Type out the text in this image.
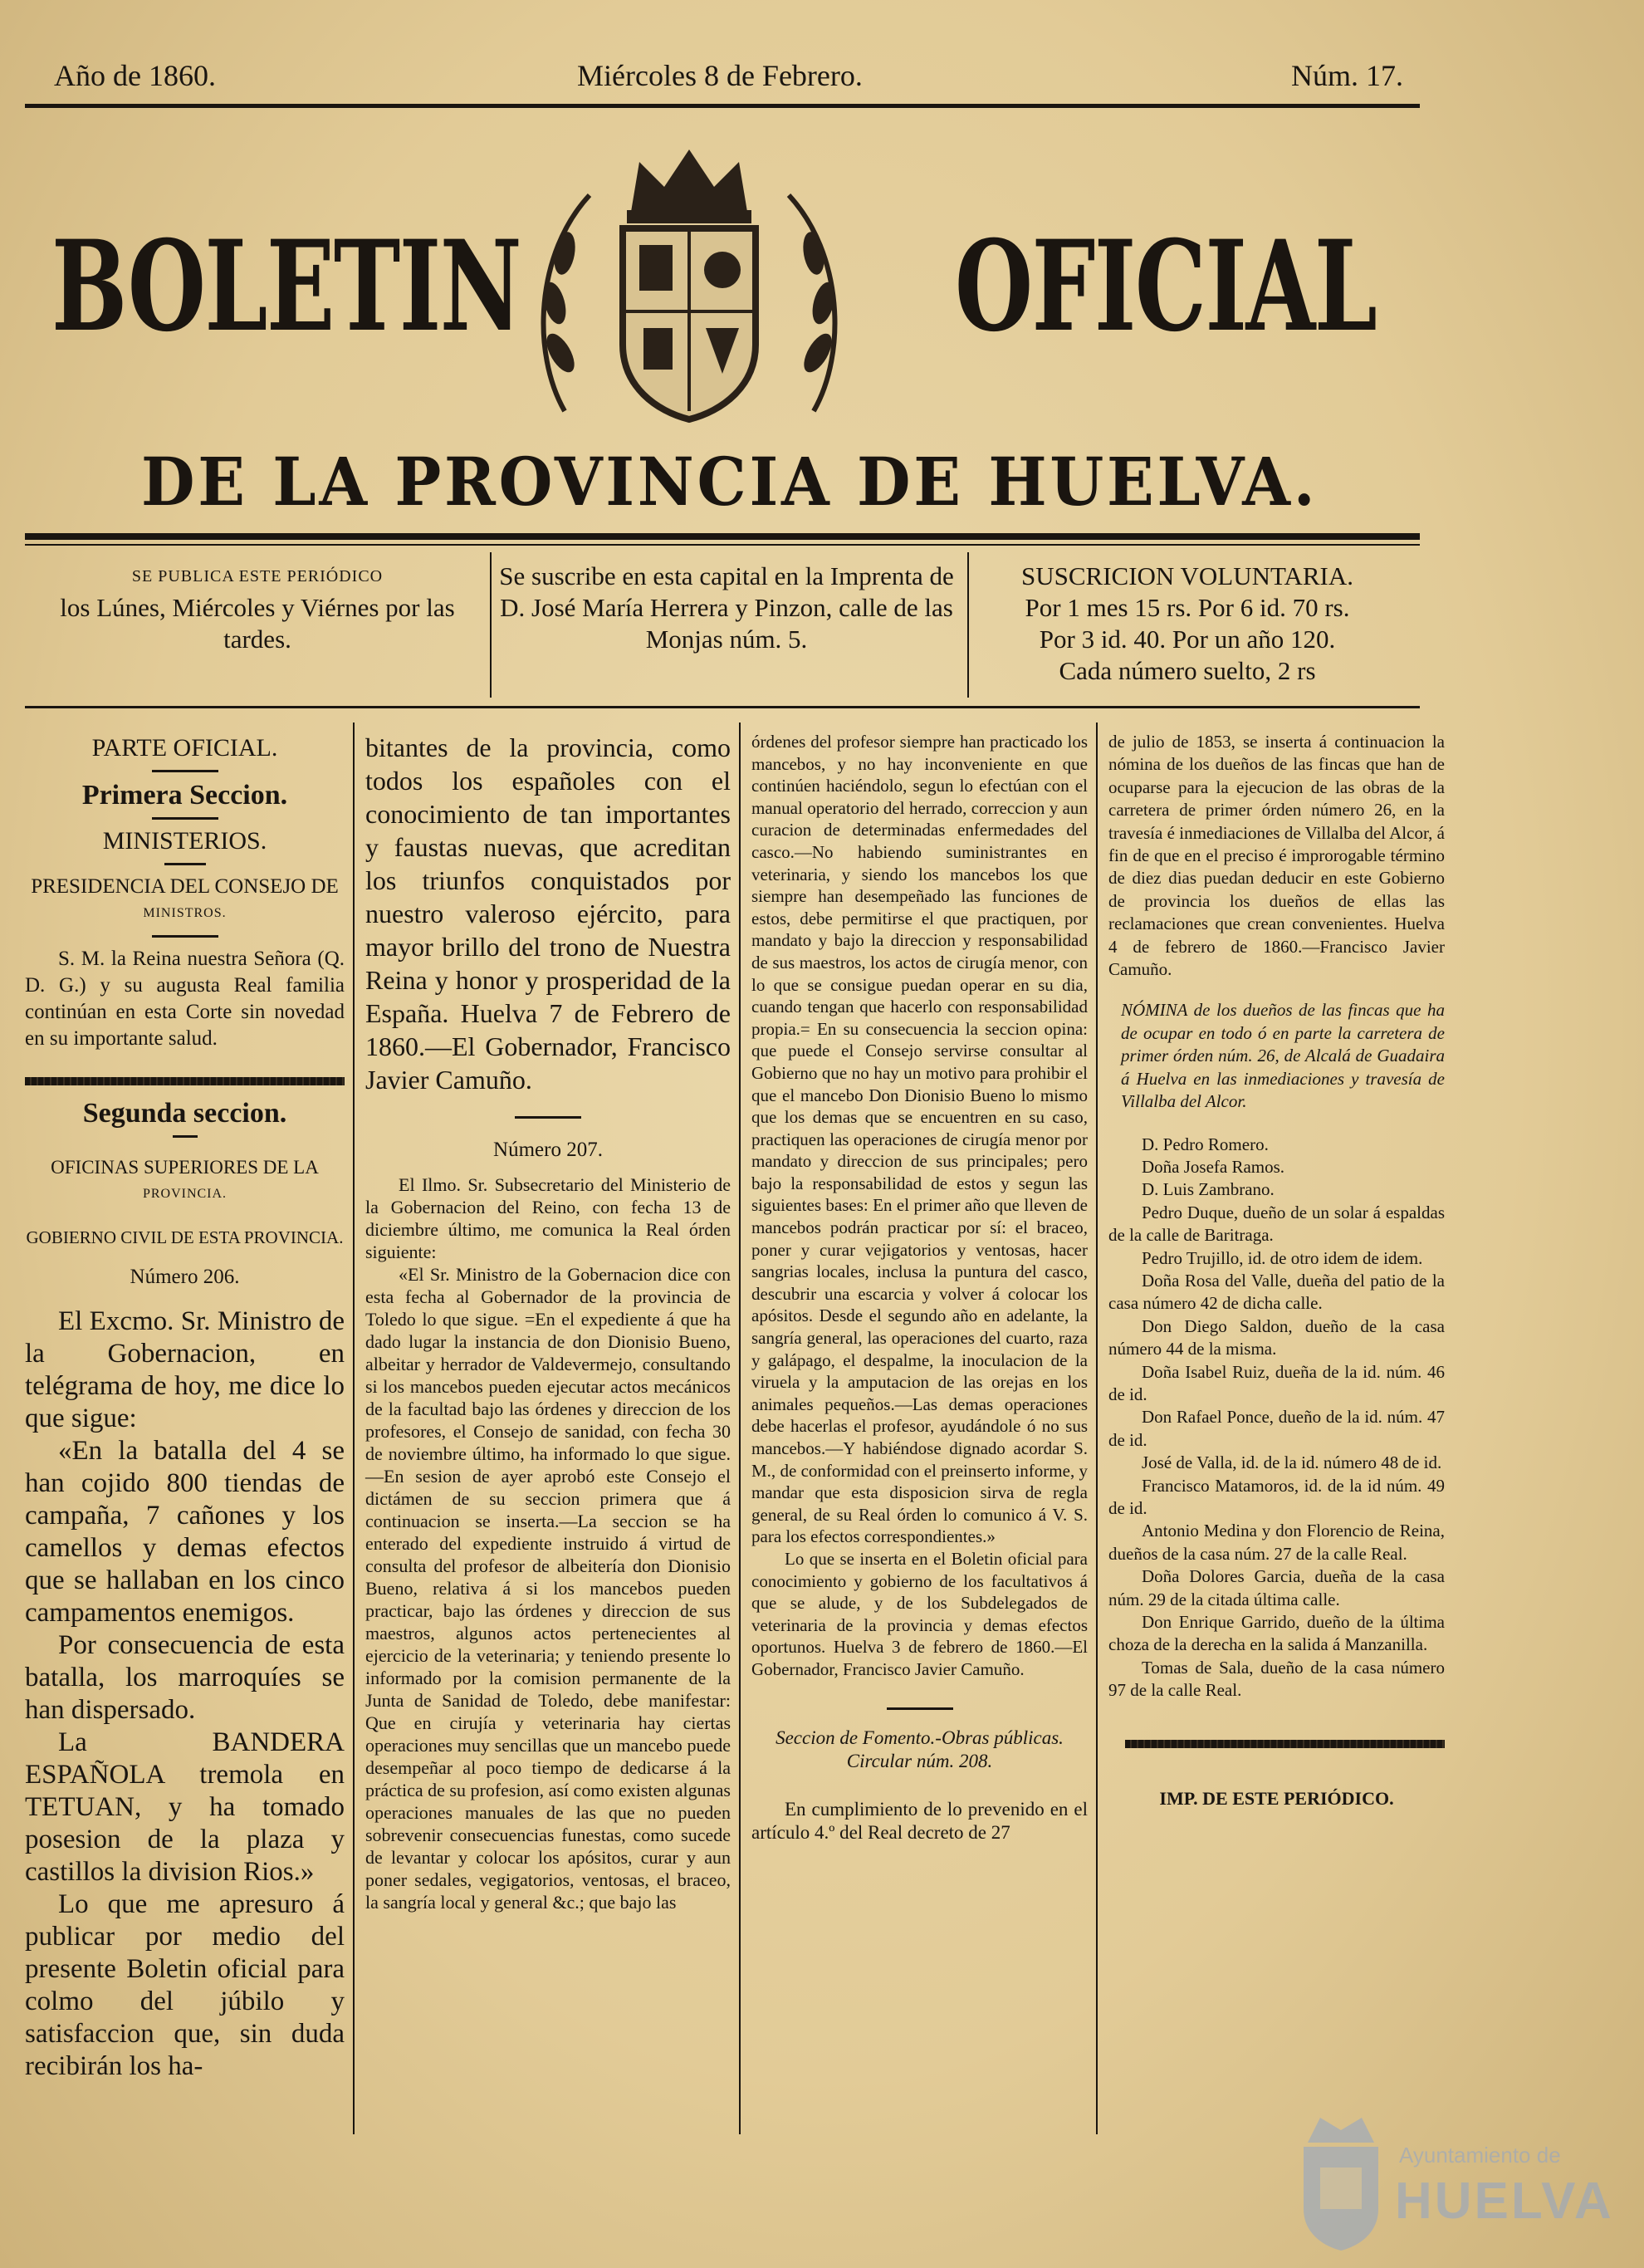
Año de 1860.	Miércoles 8 de Febrero.	Núm. 17.
BOLETIN	OFICIAL
DE LA PROVINCIA DE HUELVA.
SE PUBLICA ESTE PERIÓDICO
los Lúnes, Miércoles y Viérnes por las tardes.
Se suscribe en esta capital en la Imprenta de D. José María Herrera y Pinzon, calle de las Monjas núm. 5.
SUSCRICION VOLUNTARIA.
Por 1 mes 15 rs. Por 6 id. 70 rs.
Por 3 id. 40. Por un año 120.
Cada número suelto, 2 rs

PARTE OFICIAL.

Primera Seccion.

MINISTERIOS.

PRESIDENCIA DEL CONSEJO DE

MINISTROS.

S. M. la Reina nuestra Señora (Q. D. G.) y su augusta Real familia continúan en esta Corte sin novedad en su importante salud.

Segunda seccion.

OFICINAS SUPERIORES DE LA

PROVINCIA.

GOBIERNO CIVIL DE ESTA PROVINCIA.

Número 206.

El Excmo. Sr. Ministro de la Gobernacion, en telégrama de hoy, me dice lo que sigue:

«En la batalla del 4 se han cojido 800 tiendas de campaña, 7 cañones y los camellos y demas efectos que se hallaban en los cinco campamentos enemigos.

Por consecuencia de esta batalla, los marroquíes se han dispersado.

La BANDERA ESPAÑOLA tremola en TETUAN, y ha tomado posesion de la plaza y castillos la division Rios.»

Lo que me apresuro á publicar por medio del presente Boletin oficial para colmo del júbilo y satisfaccion que, sin duda recibirán los ha-

bitantes de la provincia, como todos los españoles con el conocimiento de tan importantes y faustas nuevas, que acreditan los triunfos conquistados por nuestro valeroso ejército, para mayor brillo del trono de Nuestra Reina y honor y prosperidad de la España. Huelva 7 de Febrero de 1860.—El Gobernador, Francisco Javier Camuño.

Número 207.

El Ilmo. Sr. Subsecretario del Ministerio de la Gobernacion del Reino, con fecha 13 de diciembre último, me comunica la Real órden siguiente:

«El Sr. Ministro de la Gobernacion dice con esta fecha al Gobernador de la provincia de Toledo lo que sigue. =En el expediente á que ha dado lugar la instancia de don Dionisio Bueno, albeitar y herrador de Valdevermejo, consultando si los mancebos pueden ejecutar actos mecánicos de la facultad bajo las órdenes y direccion de los profesores, el Consejo de sanidad, con fecha 30 de noviembre último, ha informado lo que sigue.—En sesion de ayer aprobó este Consejo el dictámen de su seccion primera que á continuacion se inserta.—La seccion se ha enterado del expediente instruido á virtud de consulta del profesor de albeitería don Dionisio Bueno, relativa á si los mancebos pueden practicar, bajo las órdenes y direccion de sus maestros, algunos actos pertenecientes al ejercicio de la veterinaria; y teniendo presente lo informado por la comision permanente de la Junta de Sanidad de Toledo, debe manifestar: Que en cirujía y veterinaria hay ciertas operaciones muy sencillas que un mancebo puede desempeñar al poco tiempo de dedicarse á la práctica de su profesion, así como existen algunas operaciones manuales de las que no pueden sobrevenir consecuencias funestas, como sucede de levantar y colocar los apósitos, curar y aun poner sedales, vegigatorios, ventosas, el braceo, la sangría local y general &c.; que bajo las

órdenes del profesor siempre han practicado los mancebos, y no hay inconveniente en que continúen haciéndolo, segun lo efectúan con el manual operatorio del herrado, correccion y aun curacion de determinadas enfermedades del casco.—No habiendo suministrantes en veterinaria, y siendo los mancebos los que siempre han desempeñado las funciones de estos, debe permitirse el que practiquen, por mandato y bajo la direccion y responsabilidad de sus maestros, los actos de cirugía menor, con lo que se consigue puedan operar en su dia, cuando tengan que hacerlo con responsabilidad propia.= En su consecuencia la seccion opina: que puede el Consejo servirse consultar al Gobierno que no hay un motivo para prohibir el que el mancebo Don Dionisio Bueno lo mismo que los demas que se encuentren en su caso, practiquen las operaciones de cirugía menor por mandato y direccion de sus principales; pero bajo la responsabilidad de estos y segun las siguientes bases: En el primer año que lleven de mancebos podrán practicar por sí: el braceo, poner y curar vejigatorios y ventosas, hacer sangrias locales, inclusa la puntura del casco, descubrir una escarcia y volver á colocar los apósitos. Desde el segundo año en adelante, la sangría general, las operaciones del cuarto, raza y galápago, el despalme, la inoculacion de la viruela y la amputacion de las orejas en los animales pequeños.—Las demas operaciones debe hacerlas el profesor, ayudándole ó no sus mancebos.—Y habiéndose dignado acordar S. M., de conformidad con el preinserto informe, y mandar que esta disposicion sirva de regla general, de su Real órden lo comunico á V. S. para los efectos correspondientes.»

Lo que se inserta en el Boletin oficial para conocimiento y gobierno de los facultativos á que se alude, y de los Subdelegados de veterinaria de la provincia y demas efectos oportunos. Huelva 3 de febrero de 1860.—El Gobernador, Francisco Javier Camuño.

Seccion de Fomento.-Obras públicas. Circular núm. 208.

En cumplimiento de lo prevenido en el artículo 4.º del Real decreto de 27

de julio de 1853, se inserta á continuacion la nómina de los dueños de las fincas que han de ocuparse para la ejecucion de las obras de la carretera de primer órden número 26, en la travesía é inmediaciones de Villalba del Alcor, á fin de que en el preciso é improrogable término de diez dias puedan deducir en este Gobierno de provincia los dueños de ellas las reclamaciones que crean convenientes. Huelva 4 de febrero de 1860.—Francisco Javier Camuño.

NÓMINA de los dueños de las fincas que ha de ocupar en todo ó en parte la carretera de primer órden núm. 26, de Alcalá de Guadaira á Huelva en las inmediaciones y travesía de Villalba del Alcor.

D. Pedro Romero.

Doña Josefa Ramos.

D. Luis Zambrano.

Pedro Duque, dueño de un solar á espaldas de la calle de Baritraga.

Pedro Trujillo, id. de otro idem de idem.

Doña Rosa del Valle, dueña del patio de la casa número 42 de dicha calle.

Don Diego Saldon, dueño de la casa número 44 de la misma.

Doña Isabel Ruiz, dueña de la id. núm. 46 de id.

Don Rafael Ponce, dueño de la id. núm. 47 de id.

José de Valla, id. de la id. número 48 de id.

Francisco Matamoros, id. de la id núm. 49 de id.

Antonio Medina y don Florencio de Reina, dueños de la casa núm. 27 de la calle Real.

Doña Dolores Garcia, dueña de la casa núm. 29 de la citada última calle.

Don Enrique Garrido, dueño de la última choza de la derecha en la salida á Manzanilla.

Tomas de Sala, dueño de la casa número 97 de la calle Real.

IMP. DE ESTE PERIÓDICO.

Ayuntamiento de
HUELVA
